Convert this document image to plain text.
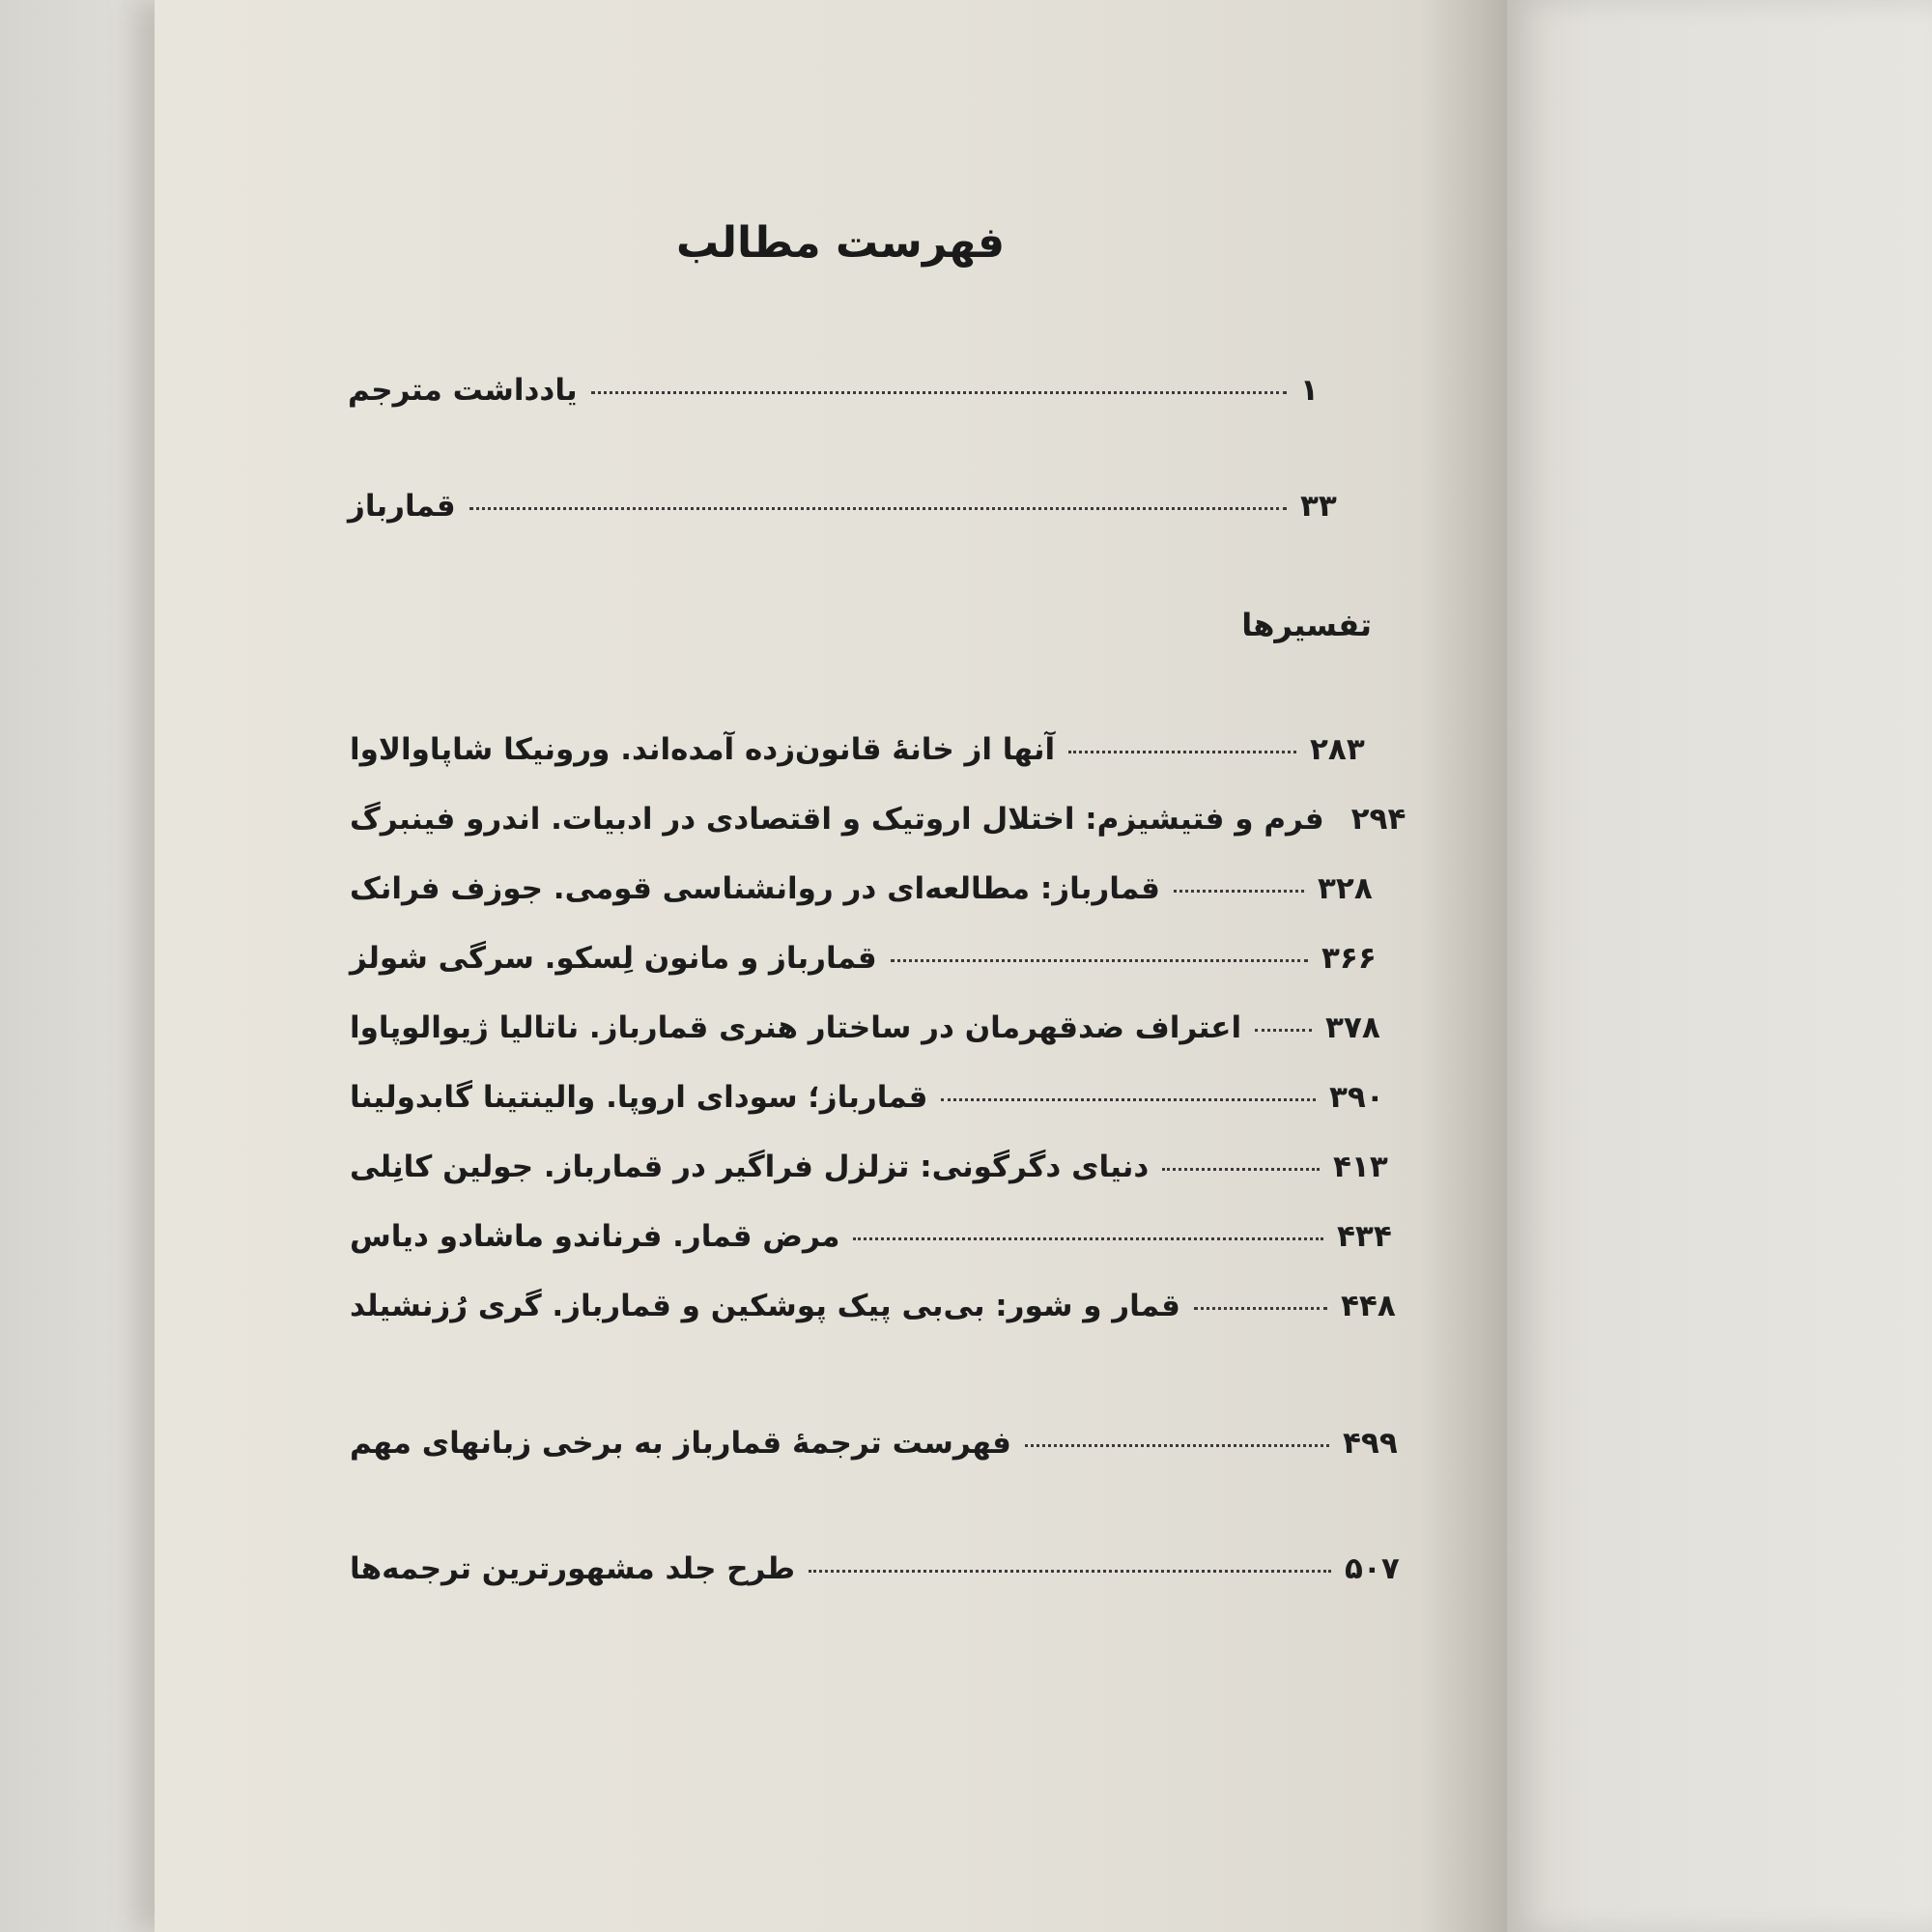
فهرست مطالب
یادداشت مترجم	۱
قماربا‌ز	۳۳
تفسیرها
آنها از خانهٔ قانون‌زده آمده‌اند. ورونیکا شاپاوالاوا	۲۸۳
فرم و فتیشیزم: اختلال اروتیک و اقتصادی در ادبیات. اندرو فینبرگ ۲۹۴
قمارباز: مطالعه‌ای در روانشناسی قومی. جوزف فرانک	۳۲۸
قمارباز و مانون لِسکو. سرگی شولز	۳۶۶
اعتراف ضدقهرمان در ساختار هنری قمارباز. ناتالیا ژیوالوپاوا	۳۷۸
قمارباز؛ سودای اروپا. والینتینا گابدولینا	۳۹۰
دنیای دگرگونی: تزلزل فراگیر در قمارباز. جولین کانِلی	۴۱۳
مرض قمار. فرناندو ماشادو دیاس	۴۳۴
قمار و شور: بی‌بی پیک پوشکین و قمارباز. گری رُزنشیلد	۴۴۸
فهرست ترجمهٔ قمارباز به برخی زبانهای مهم	۴۹۹
طرح جلد مشهورترین ترجمه‌ها	۵۰۷
